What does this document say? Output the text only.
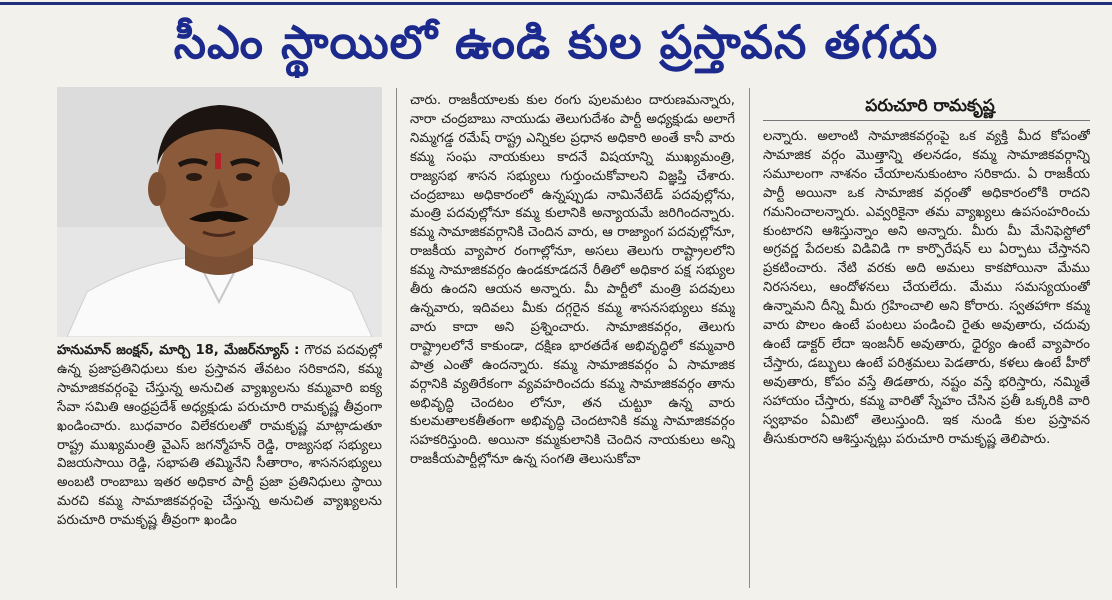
సీఎం స్థాయిలో ఉండి కుల ప్రస్తావన తగదు

హనుమాన్ జంక్షన్, మార్చి 18, మేజర్‌న్యూస్ : గౌరవ పదవుల్లో ఉన్న ప్రజాప్రతినిధులు కుల ప్రస్తావన తేవటం సరికాదని, కమ్మ సామాజికవర్గంపై చేస్తున్న అనుచిత వ్యాఖ్యలను కమ్మవారి ఐక్య సేవా సమితి ఆంధ్రప్రదేశ్ అధ్యక్షుడు పరుచూరి రామకృష్ణ తీవ్రంగా ఖండించారు. బుధవారం విలేకరులతో రామకృష్ణ మాట్లాడుతూ రాష్ట్ర ముఖ్యమంత్రి వైఎస్ జగన్మోహన్ రెడ్డి, రాజ్యసభ సభ్యులు విజయసాయి రెడ్డి, సభాపతి తమ్మినేని సీతారాం, శాసనసభ్యులు అంబటి రాంబాబు ఇతర అధికార పార్టీ ప్రజా ప్రతినిధులు స్థాయి మరచి కమ్మ సామాజికవర్గంపై చేస్తున్న అనుచిత వ్యాఖ్యలను పరుచూరి రామకృష్ణ తీవ్రంగా ఖండిం

చారు. రాజకీయాలకు కుల రంగు పులమటం దారుణమన్నారు, నారా చంద్రబాబు నాయుడు తెలుగుదేశం పార్టీ అధ్యక్షుడు అలాగే నిమ్మగడ్డ రమేష్ రాష్ట్ర ఎన్నికల ప్రధాన అధికారి అంతే కానీ వారు కమ్మ సంఘ నాయకులు కాదనే విషయాన్ని ముఖ్యమంత్రి, రాజ్యసభ శాసన సభ్యులు గుర్తుంచుకోవాలని విజ్ఞప్తి చేశారు. చంద్రబాబు అధికారంలో ఉన్నప్పుడు నామినేటెడ్ పదవుల్లోను, మంత్రి పదవుల్లోనూ కమ్మ కులానికి అన్యాయమే జరిగిందన్నారు. కమ్మ సామాజికవర్గానికి చెందిన వారు, ఆ రాజ్యాంగ పదవుల్లోనూ, రాజకీయ వ్యాపార రంగాల్లోనూ, అసలు తెలుగు రాష్ట్రాలలోని కమ్మ సామాజికవర్గం ఉండకూడదనే రీతిలో అధికార పక్ష సభ్యుల తీరు ఉందని ఆయన అన్నారు. మీ పార్టీలో మంత్రి పదవులు ఉన్నవారు, ఇదివలు మీకు దగ్గరైన కమ్మ శాసనసభ్యులు కమ్మ వారు కాదా అని ప్రశ్నించారు. సామాజికవర్గం, తెలుగు రాష్ట్రాలలోనే కాకుండా, దక్షిణ భారతదేశ అభివృద్ధిలో కమ్మవారి పాత్ర ఎంతో ఉందన్నారు. కమ్మ సామాజికవర్గం ఏ సామాజిక వర్గానికి వ్యతిరేకంగా వ్యవహరించదు కమ్మ సామాజికవర్గం తాను అభివృద్ధి చెందటం లోనూ, తన చుట్టూ ఉన్న వారు కులమతాలకతీతంగా అభివృద్ధి చెందటానికి కమ్మ సామాజికవర్గం సహకరిస్తుంది. అయినా కమ్మకులానికి చెందిన నాయకులు అన్ని రాజకీయపార్టీల్లోనూ ఉన్న సంగతి తెలుసుకోవా

పరుచూరి రామకృష్ణ

లన్నారు. అలాంటి సామాజికవర్గంపై ఒక వ్యక్తి మీద కోపంతో సామాజిక వర్గం మొత్తాన్ని తలనడం, కమ్మ సామాజికవర్గాన్ని సమూలంగా నాశనం చేయాలనుకుంటాం సరికాదు. ఏ రాజకీయ పార్టీ అయినా ఒక సామాజిక వర్గంతో అధికారంలోకి రాదని గమనించాలన్నారు. ఎవ్వరికైనా తమ వ్యాఖ్యలు ఉపసంహరించు కుంటారని ఆశిస్తున్నాం అని అన్నారు. మీరు మీ మేనిఫెస్టోలో అగ్రవర్ణ పేదలకు విడివిడి గా కార్పొరేషన్ లు ఏర్పాటు చేస్తానని ప్రకటించారు. నేటి వరకు అది అమలు కాకపోయినా మేము నిరసనలు, ఆందోళనలు చేయలేదు. మేము సమస్యయంతో ఉన్నామని దీన్ని మీరు గ్రహించాలి అని కోరారు. స్వతహాగా కమ్మ వారు పొలం ఉంటే పంటలు పండించి రైతు అవుతారు, చదువు ఉంటే డాక్టర్ లేదా ఇంజనీర్ అవుతారు, ధైర్యం ఉంటే వ్యాపారం చేస్తారు, డబ్బులు ఉంటే పరిశ్రమలు పెడతారు, కళలు ఉంటే హీరో అవుతారు, కోపం వస్తే తిడతారు, నష్టం వస్తే భరిస్తారు, నమ్మితే సహాయం చేస్తారు, కమ్మ వారితో స్నేహం చేసిన ప్రతీ ఒక్కరికి వారి స్వభావం ఏమిటో తెలుస్తుంది. ఇక నుండి కుల ప్రస్తావన తీసుకురారని ఆశిస్తున్నట్లు పరుచూరి రామకృష్ణ తెలిపారు.
